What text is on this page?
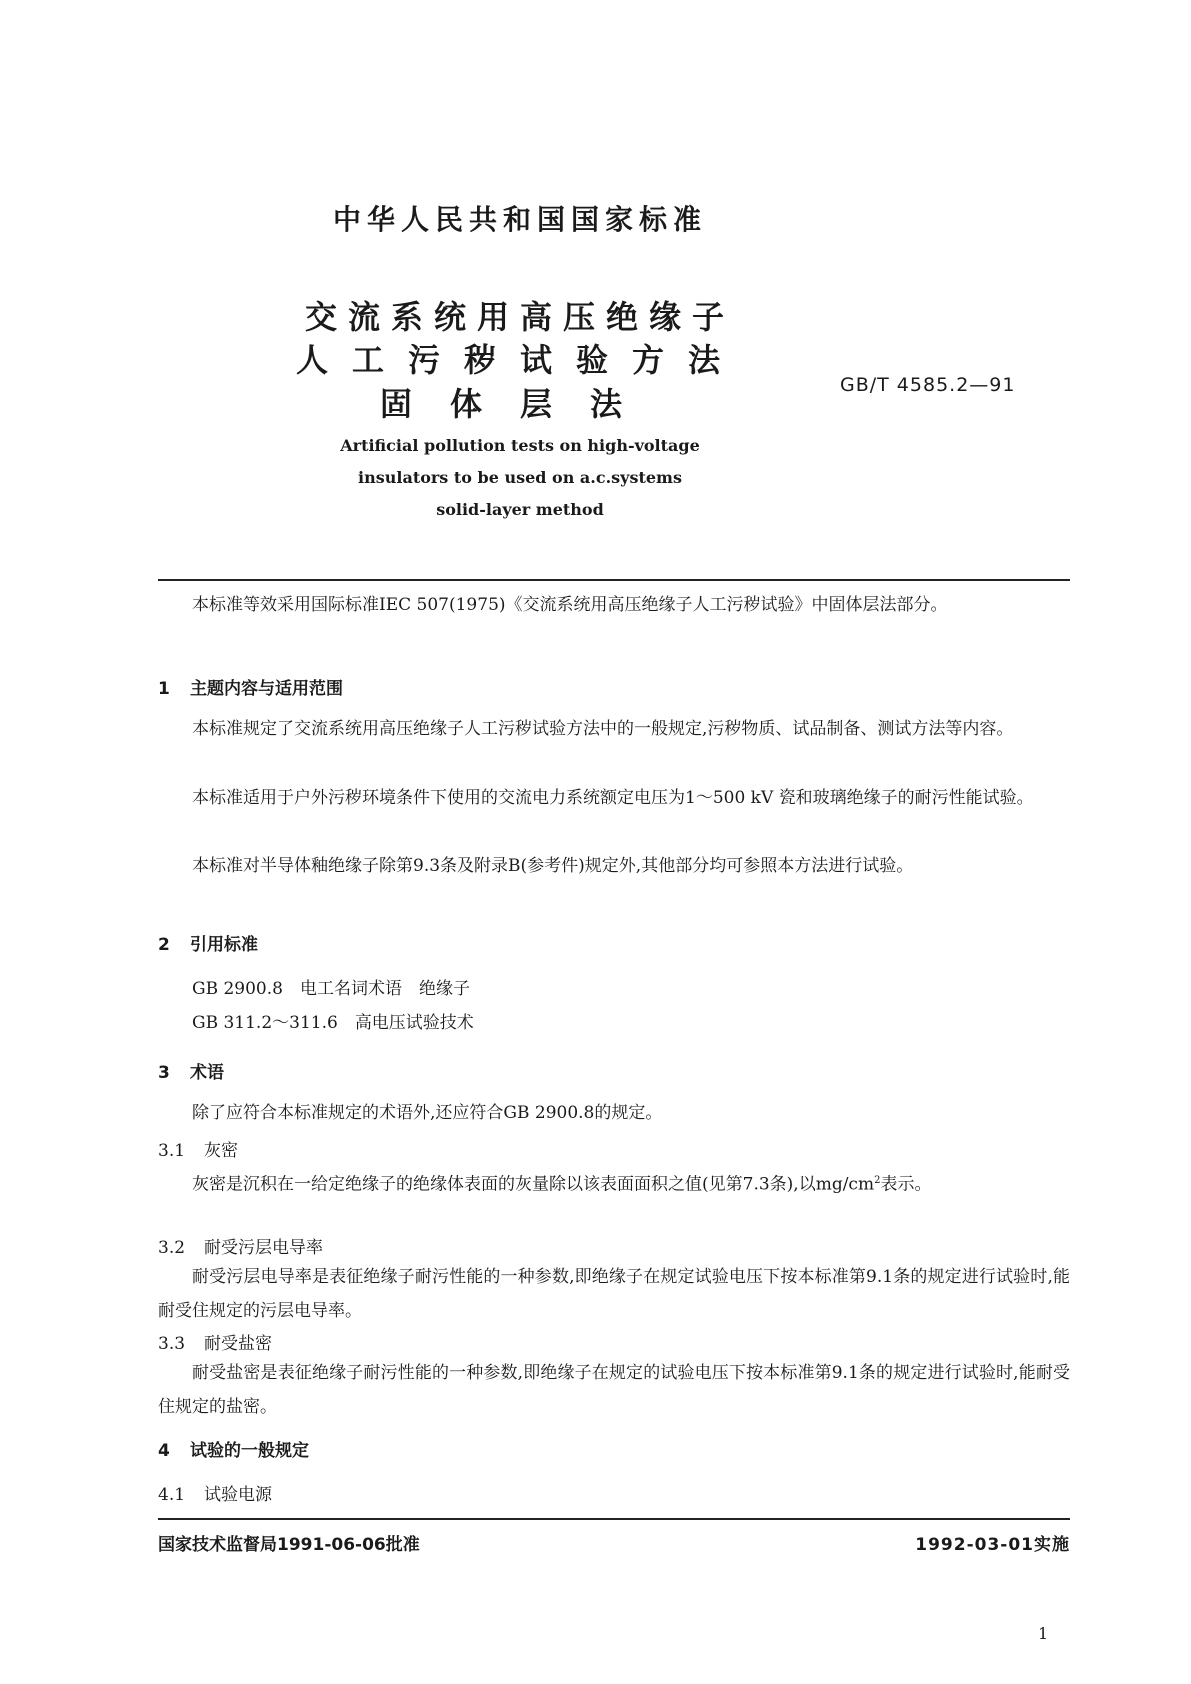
中华人民共和国国家标准
交流系统用高压绝缘子
人工污秽试验方法
固体层法	GB/T 4585.2—91
Artificial pollution tests on high-voltage
insulators to be used on a.c.systems
solid-layer method
本标准等效采用国际标准IEC 507(1975)《交流系统用高压绝缘子人工污秽试验》中固体层法部分。
1 主题内容与适用范围
本标准规定了交流系统用高压绝缘子人工污秽试验方法中的一般规定,污秽物质、试品制备、测试方法等内容。
本标准适用于户外污秽环境条件下使用的交流电力系统额定电压为1～500 kV 瓷和玻璃绝缘子的耐污性能试验。
本标准对半导体釉绝缘子除第9.3条及附录B(参考件)规定外,其他部分均可参照本方法进行试验。
2 引用标准
GB 2900.8　 电工名词术语　绝缘子
GB 311.2～311.6　 高电压试验技术
3 术语
除了应符合本标准规定的术语外,还应符合GB 2900.8的规定。
3.1 灰密
灰密是沉积在一给定绝缘子的绝缘体表面的灰量除以该表面面积之值(见第7.3条),以$mg/cm^2$表示。
3.2 耐受污层电导率
耐受污层电导率是表征绝缘子耐污性能的一种参数,即绝缘子在规定试验电压下按本标准第9.1条的规定进行试验时,能耐受住规定的污层电导率。
3.3 耐受盐密
耐受盐密是表征绝缘子耐污性能的一种参数,即绝缘子在规定的试验电压下按本标准第9.1条的规定进行试验时,能耐受住规定的盐密。
4 试验的一般规定
4.1 试验电源
国家技术监督局1991-06-06批准	1992-03-01实施
1
